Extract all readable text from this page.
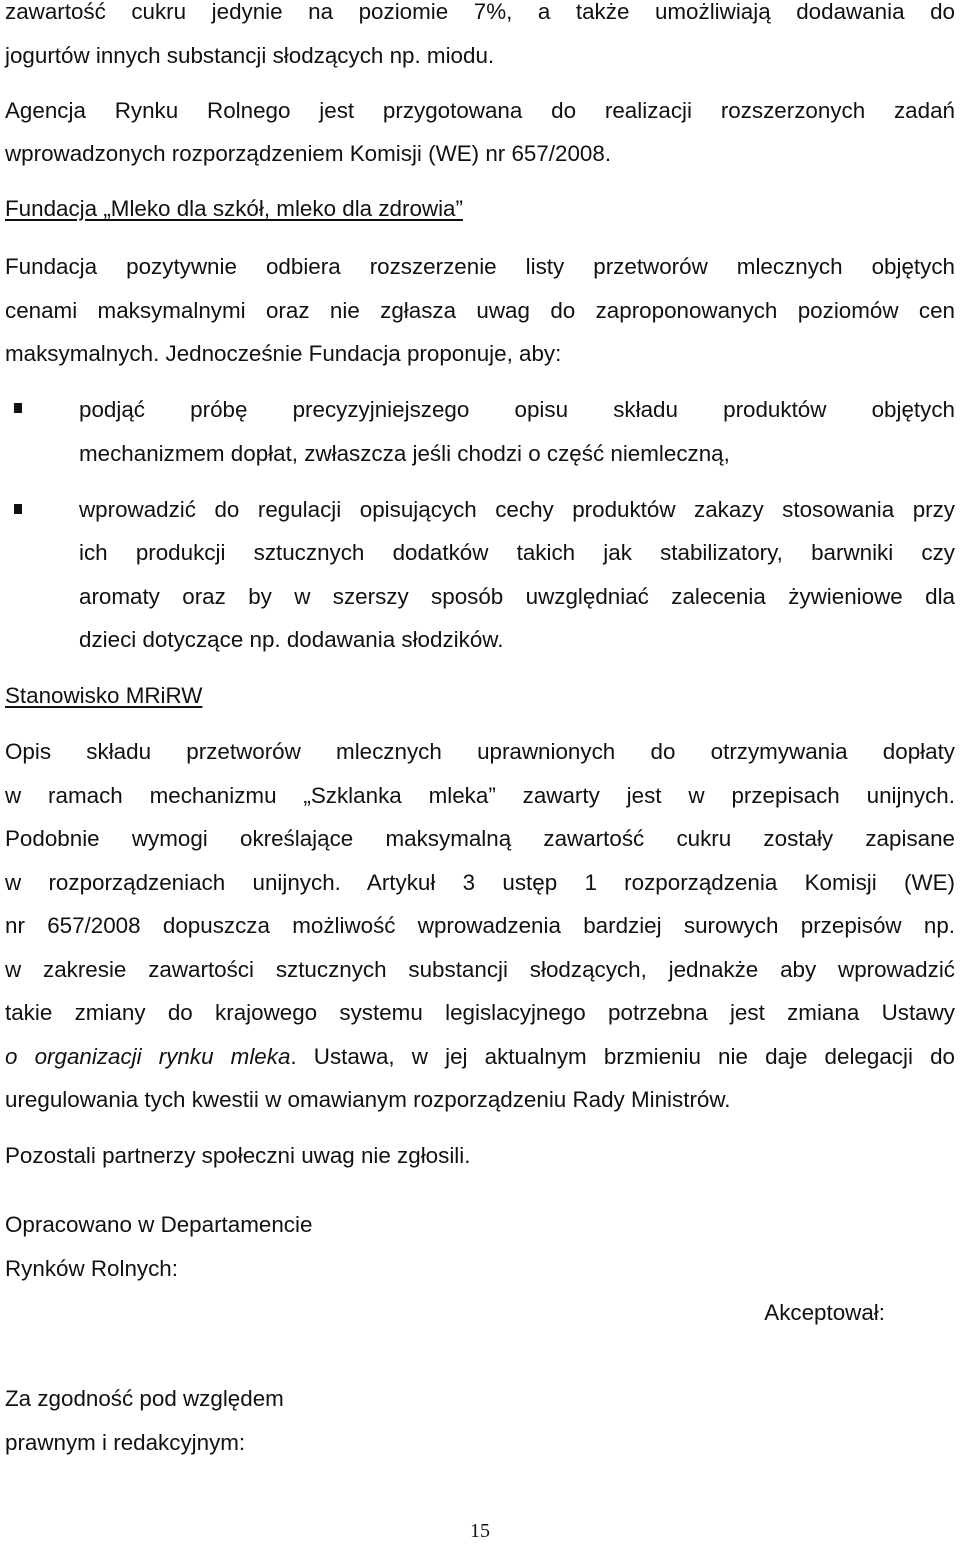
zawartość cukru jedynie na poziomie 7%, a także umożliwiają dodawania do
jogurtów innych substancji słodzących np. miodu.
Agencja Rynku Rolnego jest przygotowana do realizacji rozszerzonych zadań
wprowadzonych rozporządzeniem Komisji (WE) nr 657/2008.
Fundacja „Mleko dla szkół, mleko dla zdrowia”
Fundacja pozytywnie odbiera rozszerzenie listy przetworów mlecznych objętych
cenami maksymalnymi oraz nie zgłasza uwag do zaproponowanych poziomów cen
maksymalnych. Jednocześnie Fundacja proponuje, aby:
podjąć próbę precyzyjniejszego opisu składu produktów objętych
mechanizmem dopłat, zwłaszcza jeśli chodzi o część niemleczną,
wprowadzić do regulacji opisujących cechy produktów zakazy stosowania przy
ich produkcji sztucznych dodatków takich jak stabilizatory, barwniki czy
aromaty oraz by w szerszy sposób uwzględniać zalecenia żywieniowe dla
dzieci dotyczące np. dodawania słodzików.
Stanowisko MRiRW
Opis składu przetworów mlecznych uprawnionych do otrzymywania dopłaty
w ramach mechanizmu „Szklanka mleka” zawarty jest w przepisach unijnych.
Podobnie wymogi określające maksymalną zawartość cukru zostały zapisane
w rozporządzeniach unijnych. Artykuł 3 ustęp 1 rozporządzenia Komisji (WE)
nr 657/2008 dopuszcza możliwość wprowadzenia bardziej surowych przepisów np.
w zakresie zawartości sztucznych substancji słodzących, jednakże aby wprowadzić
takie zmiany do krajowego systemu legislacyjnego potrzebna jest zmiana Ustawy
o organizacji rynku mleka. Ustawa, w jej aktualnym brzmieniu nie daje delegacji do
uregulowania tych kwestii w omawianym rozporządzeniu Rady Ministrów.
Pozostali partnerzy społeczni uwag nie zgłosili.
Opracowano w Departamencie
Rynków Rolnych:
Akceptował:
Za zgodność pod względem
prawnym i redakcyjnym:
15
